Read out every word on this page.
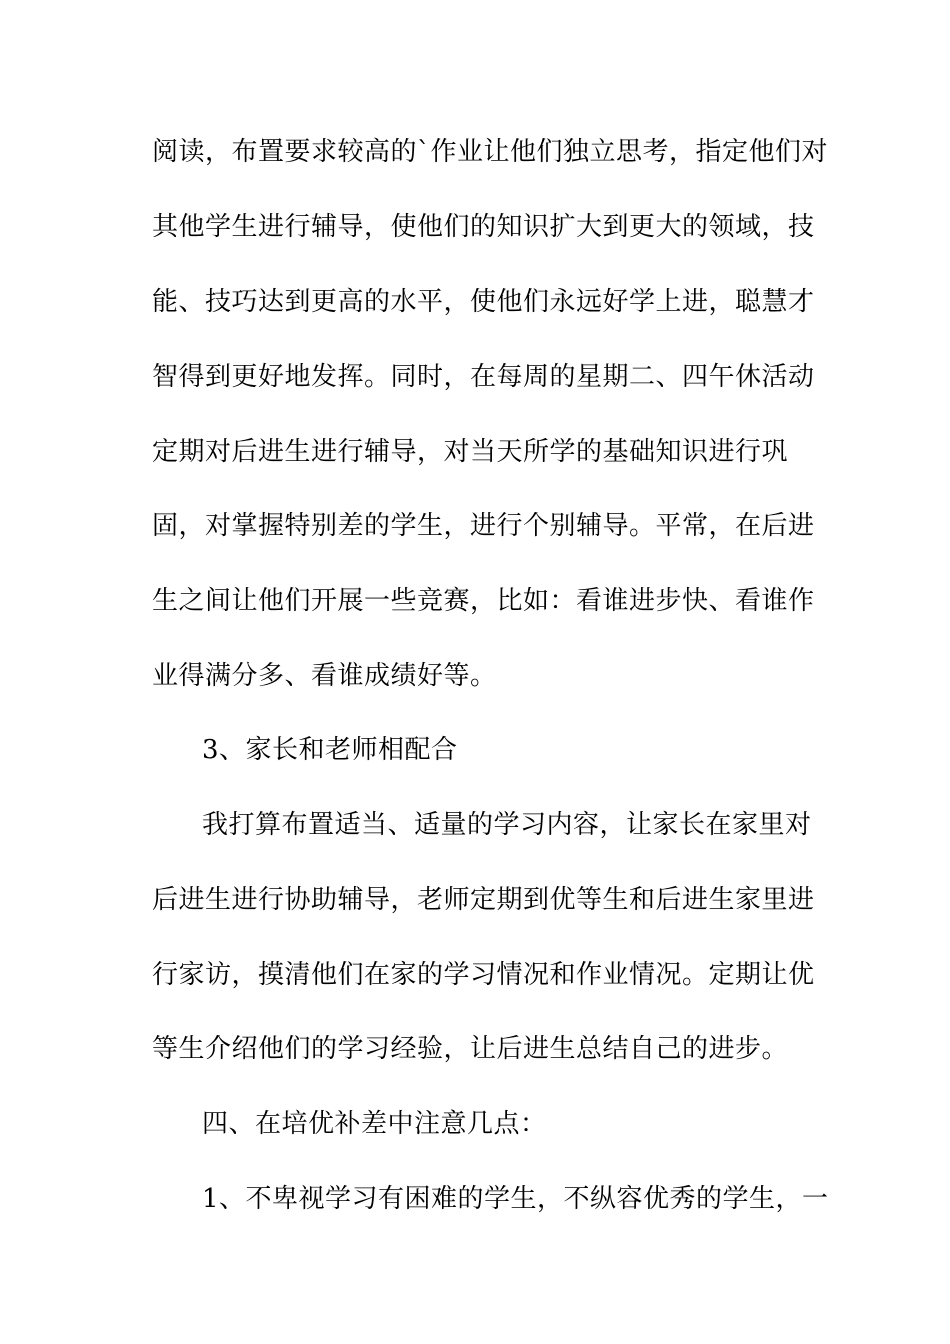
阅读，布置要求较高的`作业让他们独立思考，指定他们对
其他学生进行辅导，使他们的知识扩大到更大的领域，技
能、技巧达到更高的水平，使他们永远好学上进，聪慧才
智得到更好地发挥。同时，在每周的星期二、四午休活动
定期对后进生进行辅导，对当天所学的基础知识进行巩
固，对掌握特别差的学生，进行个别辅导。平常，在后进
生之间让他们开展一些竞赛，比如：看谁进步快、看谁作
业得满分多、看谁成绩好等。
3、家长和老师相配合
我打算布置适当、适量的学习内容，让家长在家里对
后进生进行协助辅导，老师定期到优等生和后进生家里进
行家访，摸清他们在家的学习情况和作业情况。定期让优
等生介绍他们的学习经验，让后进生总结自己的进步。
四、在培优补差中注意几点：
1、不卑视学习有困难的学生，不纵容优秀的学生，一
